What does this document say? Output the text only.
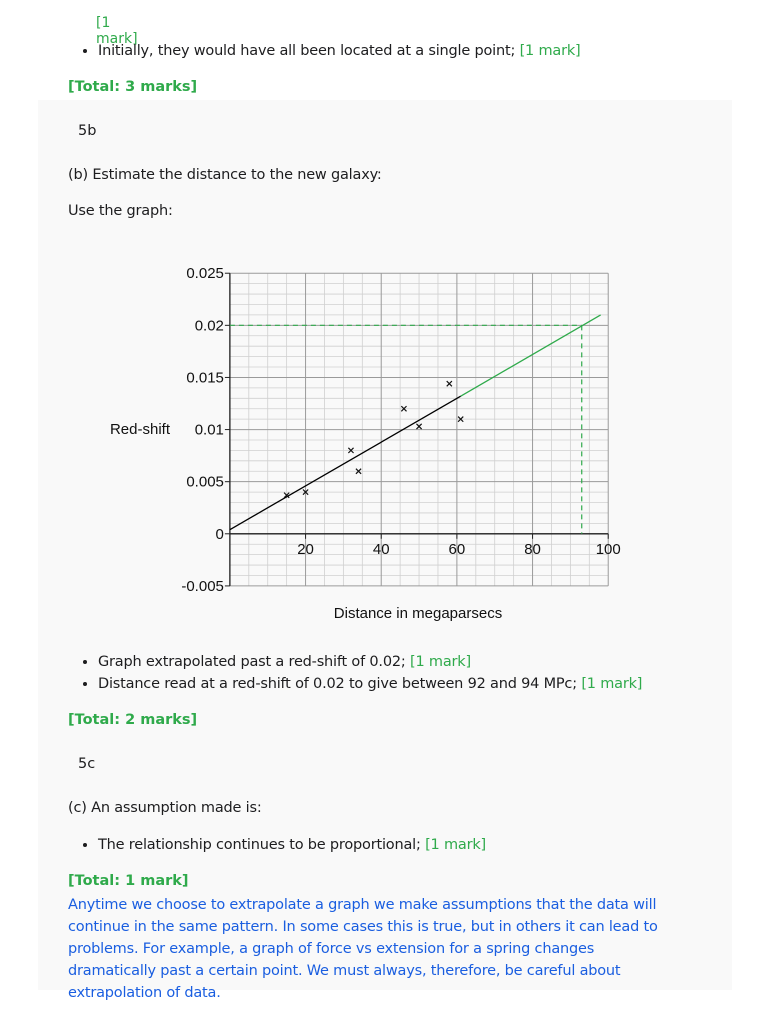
[1 mark]
• Initially, they would have all been located at a single point; [1 mark]
[Total: 3 marks]
5b
(b) Estimate the distance to the new galaxy:
Use the graph:
0.025
0.02
0.015
0.01
0.005
0
-0.005
20	40	60	80	100
Red-shift
Distance in megaparsecs
• Graph extrapolated past a red-shift of 0.02; [1 mark]
• Distance read at a red-shift of 0.02 to give between 92 and 94 MPc; [1 mark]
[Total: 2 marks]
5c
(c) An assumption made is:
• The relationship continues to be proportional; [1 mark]
[Total: 1 mark]
Anytime we choose to extrapolate a graph we make assumptions that the data will continue in the same pattern. In some cases this is true, but in others it can lead to problems. For example, a graph of force vs extension for a spring changes dramatically past a certain point. We must always, therefore, be careful about extrapolation of data.
